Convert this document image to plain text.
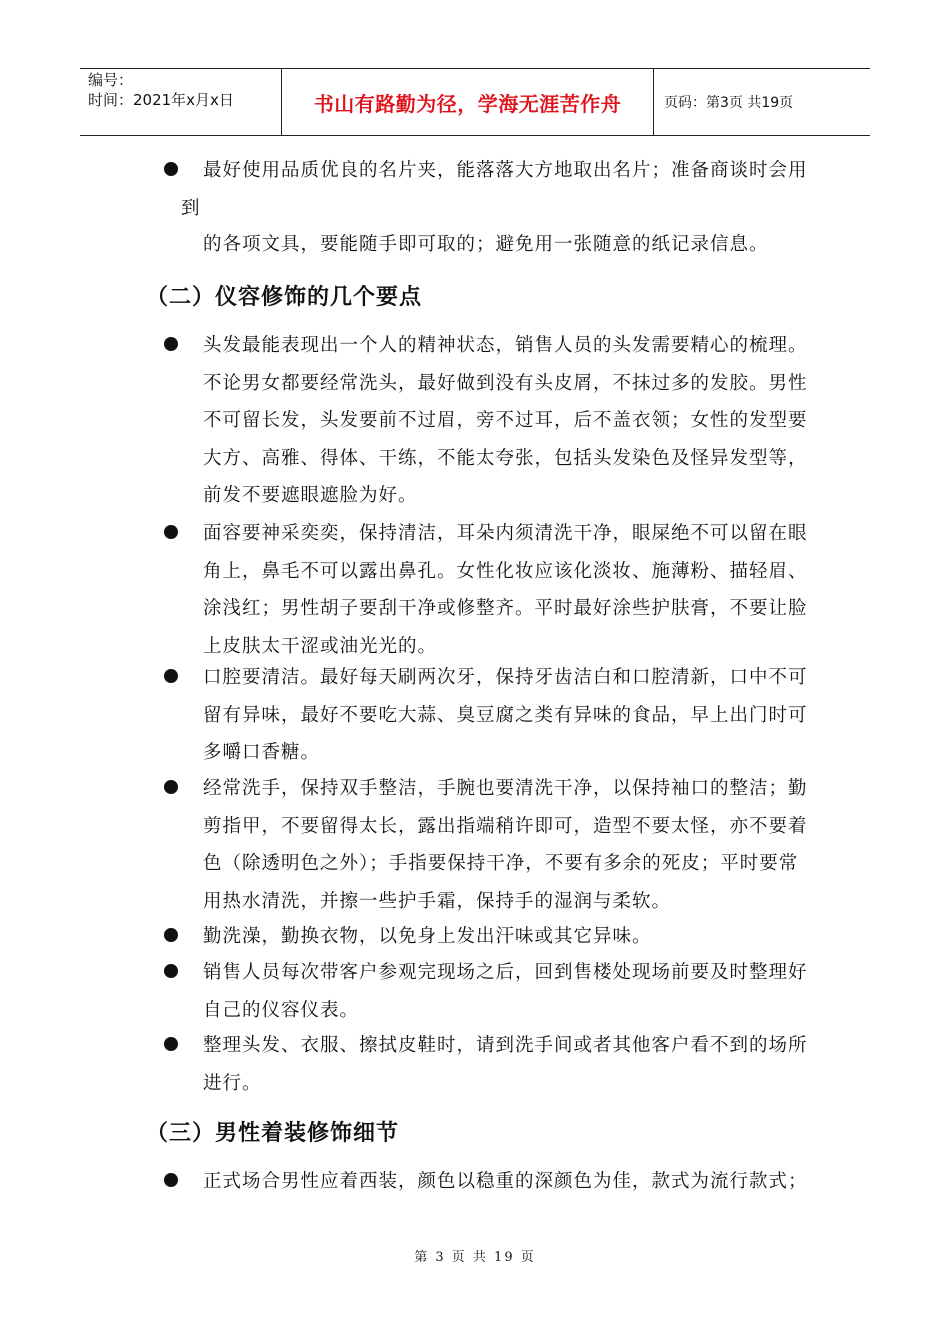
编号：
时间：2021年x月x日	书山有路勤为径，学海无涯苦作舟	页码：第3页 共19页
最好使用品质优良的名片夹，能落落大方地取出名片；准备商谈时会用
到
的各项文具，要能随手即可取的；避免用一张随意的纸记录信息。
（二）仪容修饰的几个要点
头发最能表现出一个人的精神状态，销售人员的头发需要精心的梳理。不论男女都要经常洗头，最好做到没有头皮屑，不抹过多的发胶。男性不可留长发，头发要前不过眉，旁不过耳，后不盖衣领；女性的发型要大方、高雅、得体、干练，不能太夸张，包括头发染色及怪异发型等，前发不要遮眼遮脸为好。
面容要神采奕奕，保持清洁，耳朵内须清洗干净，眼屎绝不可以留在眼角上，鼻毛不可以露出鼻孔。女性化妆应该化淡妆、施薄粉、描轻眉、涂浅红；男性胡子要刮干净或修整齐。平时最好涂些护肤膏，不要让脸上皮肤太干涩或油光光的。
口腔要清洁。最好每天刷两次牙，保持牙齿洁白和口腔清新，口中不可留有异味，最好不要吃大蒜、臭豆腐之类有异味的食品，早上出门时可多嚼口香糖。
经常洗手，保持双手整洁，手腕也要清洗干净，以保持袖口的整洁；勤剪指甲，不要留得太长，露出指端稍许即可，造型不要太怪，亦不要着色（除透明色之外）；手指要保持干净，不要有多余的死皮；平时要常用热水清洗，并擦一些护手霜，保持手的湿润与柔软。
勤洗澡，勤换衣物，以免身上发出汗味或其它异味。
销售人员每次带客户参观完现场之后，回到售楼处现场前要及时整理好自己的仪容仪表。
整理头发、衣服、擦拭皮鞋时，请到洗手间或者其他客户看不到的场所进行。
（三）男性着装修饰细节
正式场合男性应着西装，颜色以稳重的深颜色为佳，款式为流行款式；
第 3 页 共 19 页
